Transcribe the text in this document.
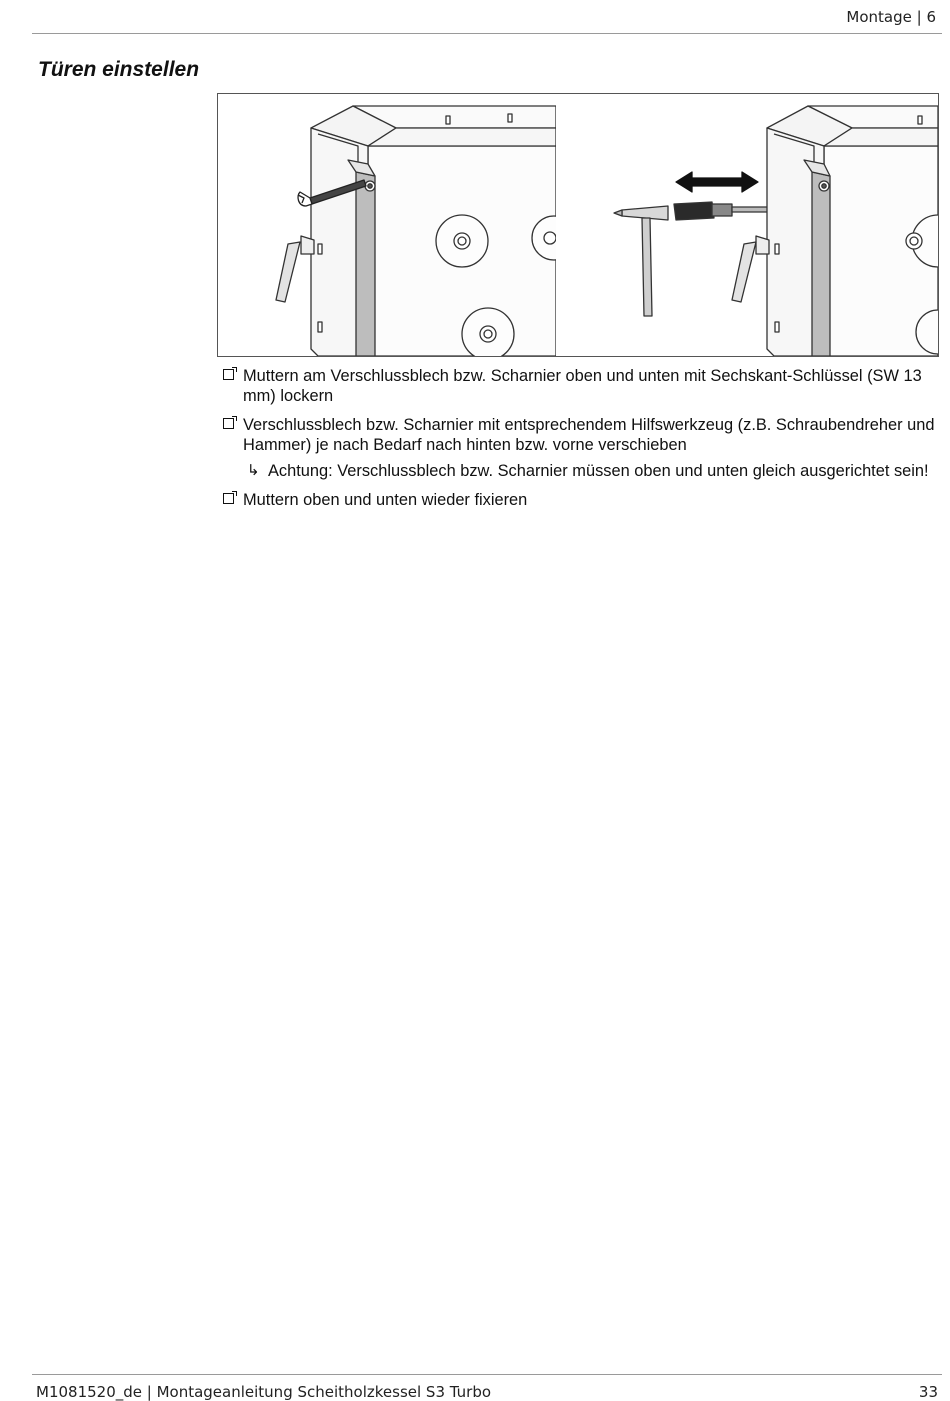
Montage | 6
Türen einstellen
Muttern am Verschlussblech bzw. Scharnier oben und unten mit Sechskant-Schlüssel (SW 13 mm) lockern
Verschlussblech bzw. Scharnier mit entsprechendem Hilfswerkzeug (z.B. Schraubendreher und Hammer) je nach Bedarf nach hinten bzw. vorne verschieben
↳ Achtung: Verschlussblech bzw. Scharnier müssen oben und unten gleich ausgerichtet sein!
Muttern oben und unten wieder fixieren
M1081520_de | Montageanleitung Scheitholzkessel S3 Turbo	33
